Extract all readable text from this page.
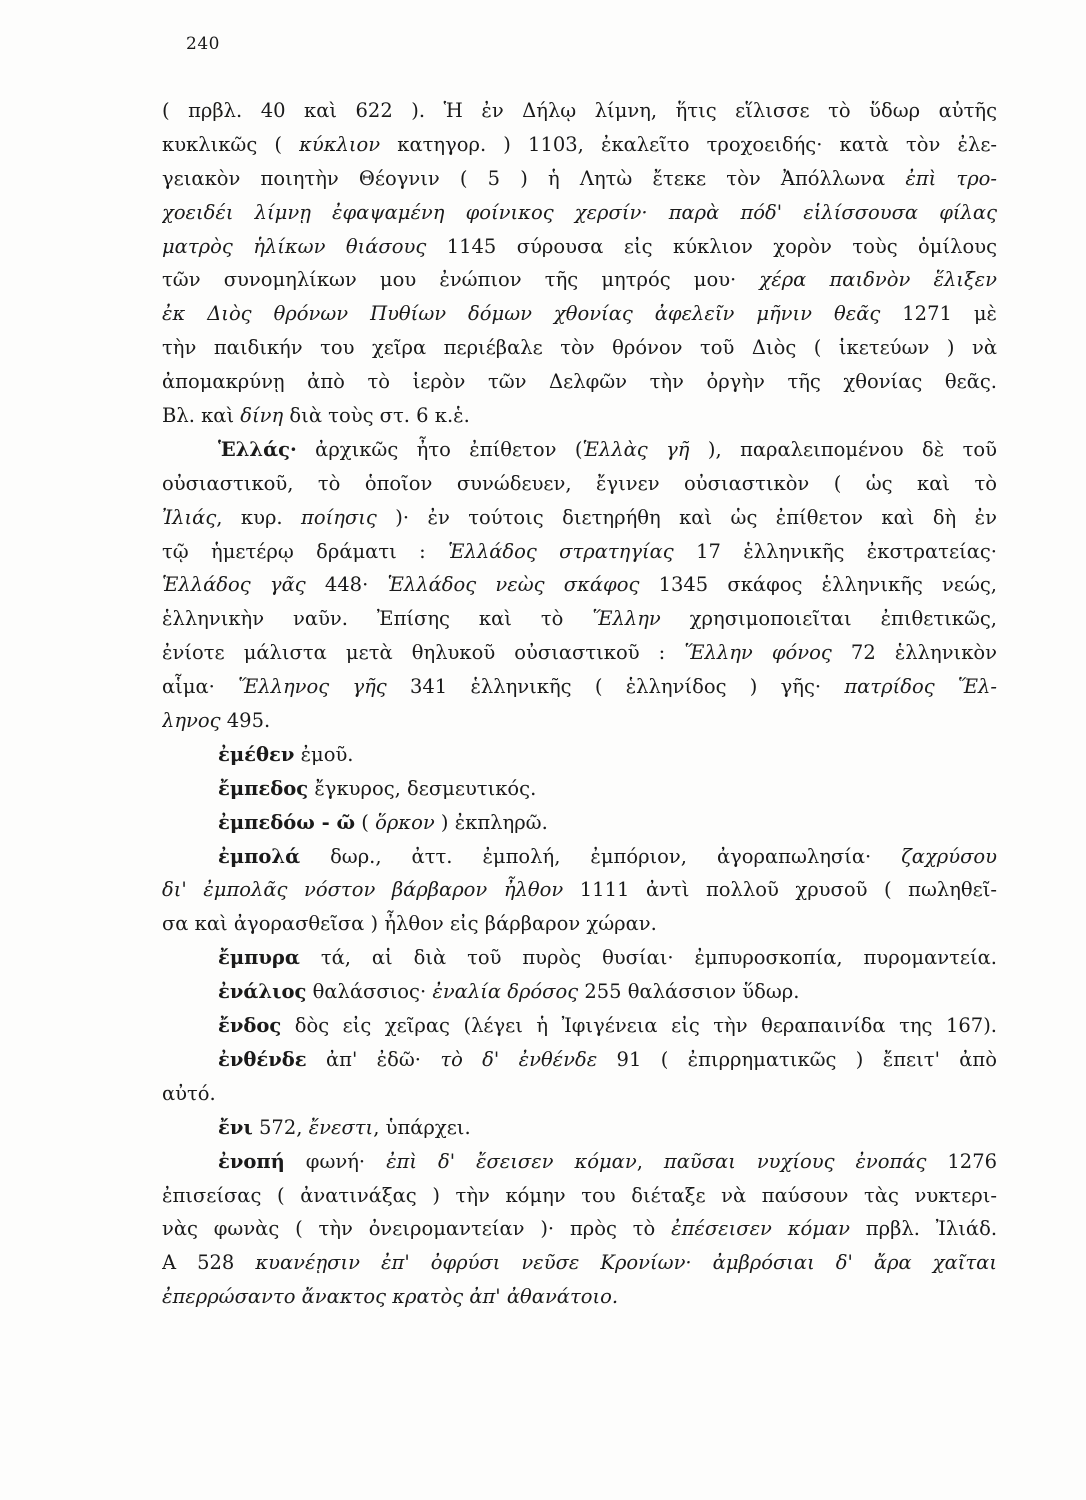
240
( πρβλ. 40 καὶ 622 ). Ἡ ἐν Δήλῳ λίμνη, ἥτις εἵλισσε τὸ ὕδωρ αὐτῆς
κυκλικῶς ( κύκλιον κατηγορ. ) 1103, ἐκαλεῖτο τροχοειδής· κατὰ τὸν ἐλε-
γειακὸν ποιητὴν Θέογνιν ( 5 ) ἡ Λητὼ ἔτεκε τὸν Ἀπόλλωνα ἐπὶ τρο-
χοειδέι λίμνῃ ἐφαψαμένη φοίνικος χερσίν· παρὰ πόδ' εἱλίσσουσα φίλας
ματρὸς ἡλίκων θιάσους 1145 σύρουσα εἰς κύκλιον χορὸν τοὺς ὁμίλους
τῶν συνομηλίκων μου ἐνώπιον τῆς μητρός μου· χέρα παιδνὸν ἕλιξεν
ἐκ Διὸς θρόνων Πυθίων δόμων χθονίας ἀφελεῖν μῆνιν θεᾶς 1271 μὲ
τὴν παιδικήν του χεῖρα περιέβαλε τὸν θρόνον τοῦ Διὸς ( ἱκετεύων ) νὰ
ἀπομακρύνῃ ἀπὸ τὸ ἱερὸν τῶν Δελφῶν τὴν ὀργὴν τῆς χθονίας θεᾶς.
Βλ. καὶ δίνη διὰ τοὺς στ. 6 κ.ἑ.
Ἑλλάς· ἀρχικῶς ἦτο ἐπίθετον (Ἑλλὰς γῆ ), παραλειπομένου δὲ τοῦ
οὐσιαστικοῦ, τὸ ὁποῖον συνώδευεν, ἔγινεν οὐσιαστικὸν ( ὡς καὶ τὸ
Ἰλιάς, κυρ. ποίησις )· ἐν τούτοις διετηρήθη καὶ ὡς ἐπίθετον καὶ δὴ ἐν
τῷ ἡμετέρῳ δράματι : Ἑλλάδος στρατηγίας 17 ἑλληνικῆς ἐκστρατείας·
Ἑλλάδος γᾶς 448· Ἑλλάδος νεὼς σκάφος 1345 σκάφος ἑλληνικῆς νεώς,
ἑλληνικὴν ναῦν. Ἐπίσης καὶ τὸ Ἕλλην χρησιμοποιεῖται ἐπιθετικῶς,
ἐνίοτε μάλιστα μετὰ θηλυκοῦ οὐσιαστικοῦ : Ἕλλην φόνος 72 ἑλληνικὸν
αἷμα· Ἕλληνος γῆς 341 ἑλληνικῆς ( ἑλληνίδος ) γῆς· πατρίδος Ἕλ-
ληνος 495.
ἐμέθεν ἐμοῦ.
ἔμπεδος ἔγκυρος, δεσμευτικός.
ἐμπεδόω - ῶ ( ὅρκον ) ἐκπληρῶ.
ἐμπολά δωρ., ἀττ. ἐμπολή, ἐμπόριον, ἀγοραπωλησία· ζαχρύσου
δι' ἐμπολᾶς νόστον βάρβαρον ἦλθον 1111 ἀντὶ πολλοῦ χρυσοῦ ( πωληθεῖ-
σα καὶ ἀγορασθεῖσα ) ἦλθον εἰς βάρβαρον χώραν.
ἔμπυρα τά, αἱ διὰ τοῦ πυρὸς θυσίαι· ἐμπυροσκοπία, πυρομαντεία.
ἐνάλιος θαλάσσιος· ἐναλία δρόσος 255 θαλάσσιον ὕδωρ.
ἔνδος δὸς εἰς χεῖρας (λέγει ἡ Ἰφιγένεια εἰς τὴν θεραπαινίδα της 167).
ἐνθένδε ἀπ' ἐδῶ· τὸ δ' ἐνθένδε 91 ( ἐπιρρηματικῶς ) ἔπειτ' ἀπὸ
αὐτό.
ἔνι 572, ἔνεστι, ὑπάρχει.
ἐνοπή φωνή· ἐπὶ δ' ἔσεισεν κόμαν, παῦσαι νυχίους ἐνοπάς 1276
ἐπισείσας ( ἀνατινάξας ) τὴν κόμην του διέταξε νὰ παύσουν τὰς νυκτερι-
νὰς φωνὰς ( τὴν ὀνειρομαντείαν )· πρὸς τὸ ἐπέσεισεν κόμαν πρβλ. Ἰλιάδ.
Α 528 κυανέῃσιν ἐπ' ὀφρύσι νεῦσε Κρονίων· ἀμβρόσιαι δ' ἄρα χαῖται
ἐπερρώσαντο ἄνακτος κρατὸς ἀπ' ἀθανάτοιο.
